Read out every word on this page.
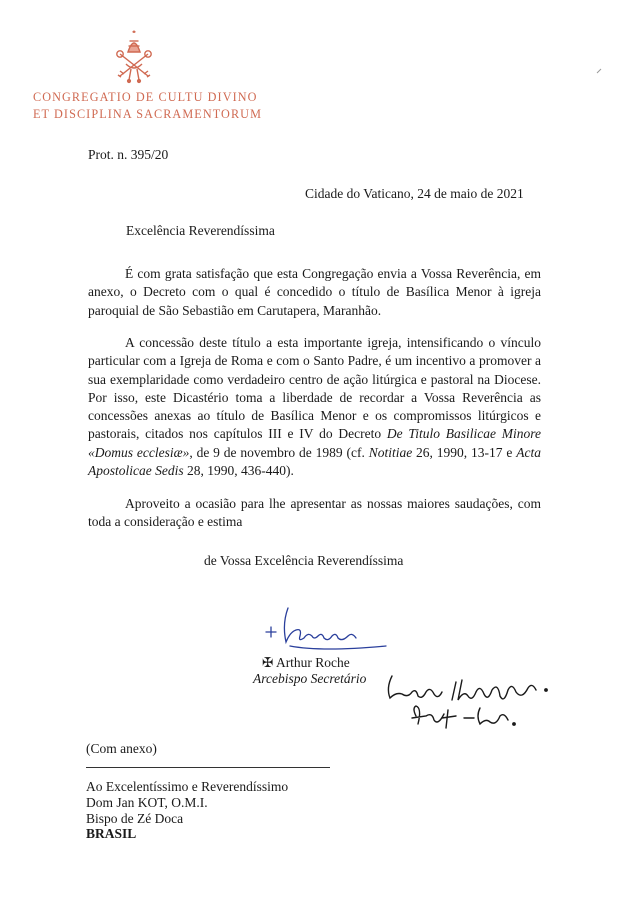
CONGREGATIO DE CULTU DIVINO
ET DISCIPLINA SACRAMENTORUM
Prot. n. 395/20
Cidade do Vaticano, 24 de maio de 2021
Excelência Reverendíssima

É com grata satisfação que esta Congregação envia a Vossa Reverência, em anexo, o Decreto com o qual é concedido o título de Basílica Menor à igreja paroquial de São Sebastião em Carutapera, Maranhão.

A concessão deste título a esta importante igreja, intensificando o vínculo particular com a Igreja de Roma e com o Santo Padre, é um incentivo a promover a sua exemplaridade como verdadeiro centro de ação litúrgica e pastoral na Diocese. Por isso, este Dicastério toma a liberdade de recordar a Vossa Reverência as concessões anexas ao título de Basílica Menor e os compromissos litúrgicos e pastorais, citados nos capítulos III e IV do Decreto De Titulo Basilicae Minore «Domus ecclesiæ», de 9 de novembro de 1989 (cf. Notitiae 26, 1990, 13-17 e Acta Apostolicae Sedis 28, 1990, 436-440).

Aproveito a ocasião para lhe apresentar as nossas maiores saudações, com toda a consideração e estima

de Vossa Excelência Reverendíssima
✠ Arthur Roche
Arcebispo Secretário
(Com anexo)
Ao Excelentíssimo e Reverendíssimo
Dom Jan KOT, O.M.I.
Bispo de Zé Doca
BRASIL
